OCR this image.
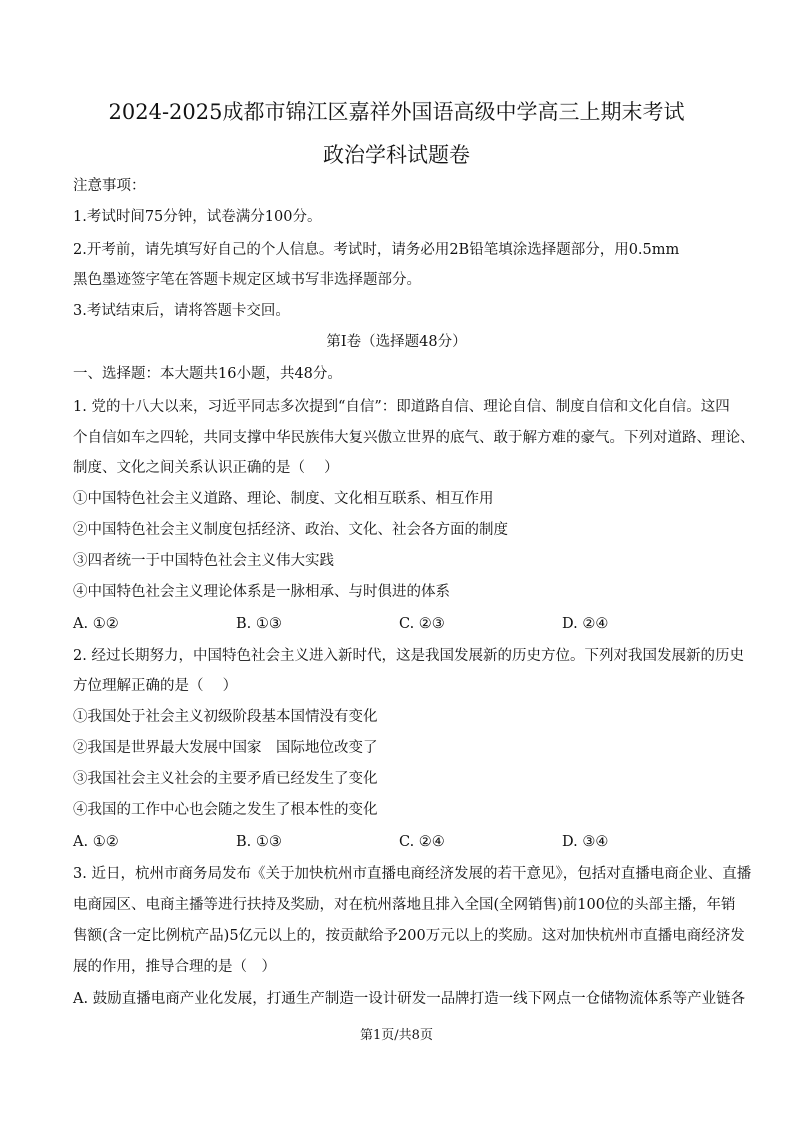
2024-2025成都市锦江区嘉祥外国语高级中学高三上期末考试
政治学科试题卷
注意事项：
1.考试时间75分钟，试卷满分100分。
2.开考前，请先填写好自己的个人信息。考试时，请务必用2B铅笔填涂选择题部分，用0.5mm
黑色墨迹签字笔在答题卡规定区域书写非选择题部分。
3.考试结束后，请将答题卡交回。
第Ⅰ卷（选择题48分）
一、选择题：本大题共16小题，共48分。
1. 党的十八大以来，习近平同志多次提到“自信”：即道路自信、理论自信、制度自信和文化自信。这四
个自信如车之四轮，共同支撑中华民族伟大复兴傲立世界的底气、敢于解方难的豪气。下列对道路、理论、
制度、文化之间关系认识正确的是（　 ）
①中国特色社会主义道路、理论、制度、文化相互联系、相互作用
②中国特色社会主义制度包括经济、政治、文化、社会各方面的制度
③四者统一于中国特色社会主义伟大实践
④中国特色社会主义理论体系是一脉相承、与时俱进的体系
A. ①②	B. ①③	C. ②③	D. ②④
2. 经过长期努力，中国特色社会主义进入新时代，这是我国发展新的历史方位。下列对我国发展新的历史
方位理解正确的是（　 ）
①我国处于社会主义初级阶段基本国情没有变化
②我国是世界最大发展中国家　国际地位改变了
③我国社会主义社会的主要矛盾已经发生了变化
④我国的工作中心也会随之发生了根本性的变化
A. ①②	B. ①③	C. ②④	D. ③④
3. 近日，杭州市商务局发布《关于加快杭州市直播电商经济发展的若干意见》，包括对直播电商企业、直播
电商园区、电商主播等进行扶持及奖励，对在杭州落地且排入全国(全网销售)前100位的头部主播，年销
售额(含一定比例杭产品)5亿元以上的，按贡献给予200万元以上的奖励。这对加快杭州市直播电商经济发
展的作用，推导合理的是（　）
A. 鼓励直播电商产业化发展，打通生产制造一设计研发一品牌打造一线下网点一仓储物流体系等产业链各
第1页/共8页
